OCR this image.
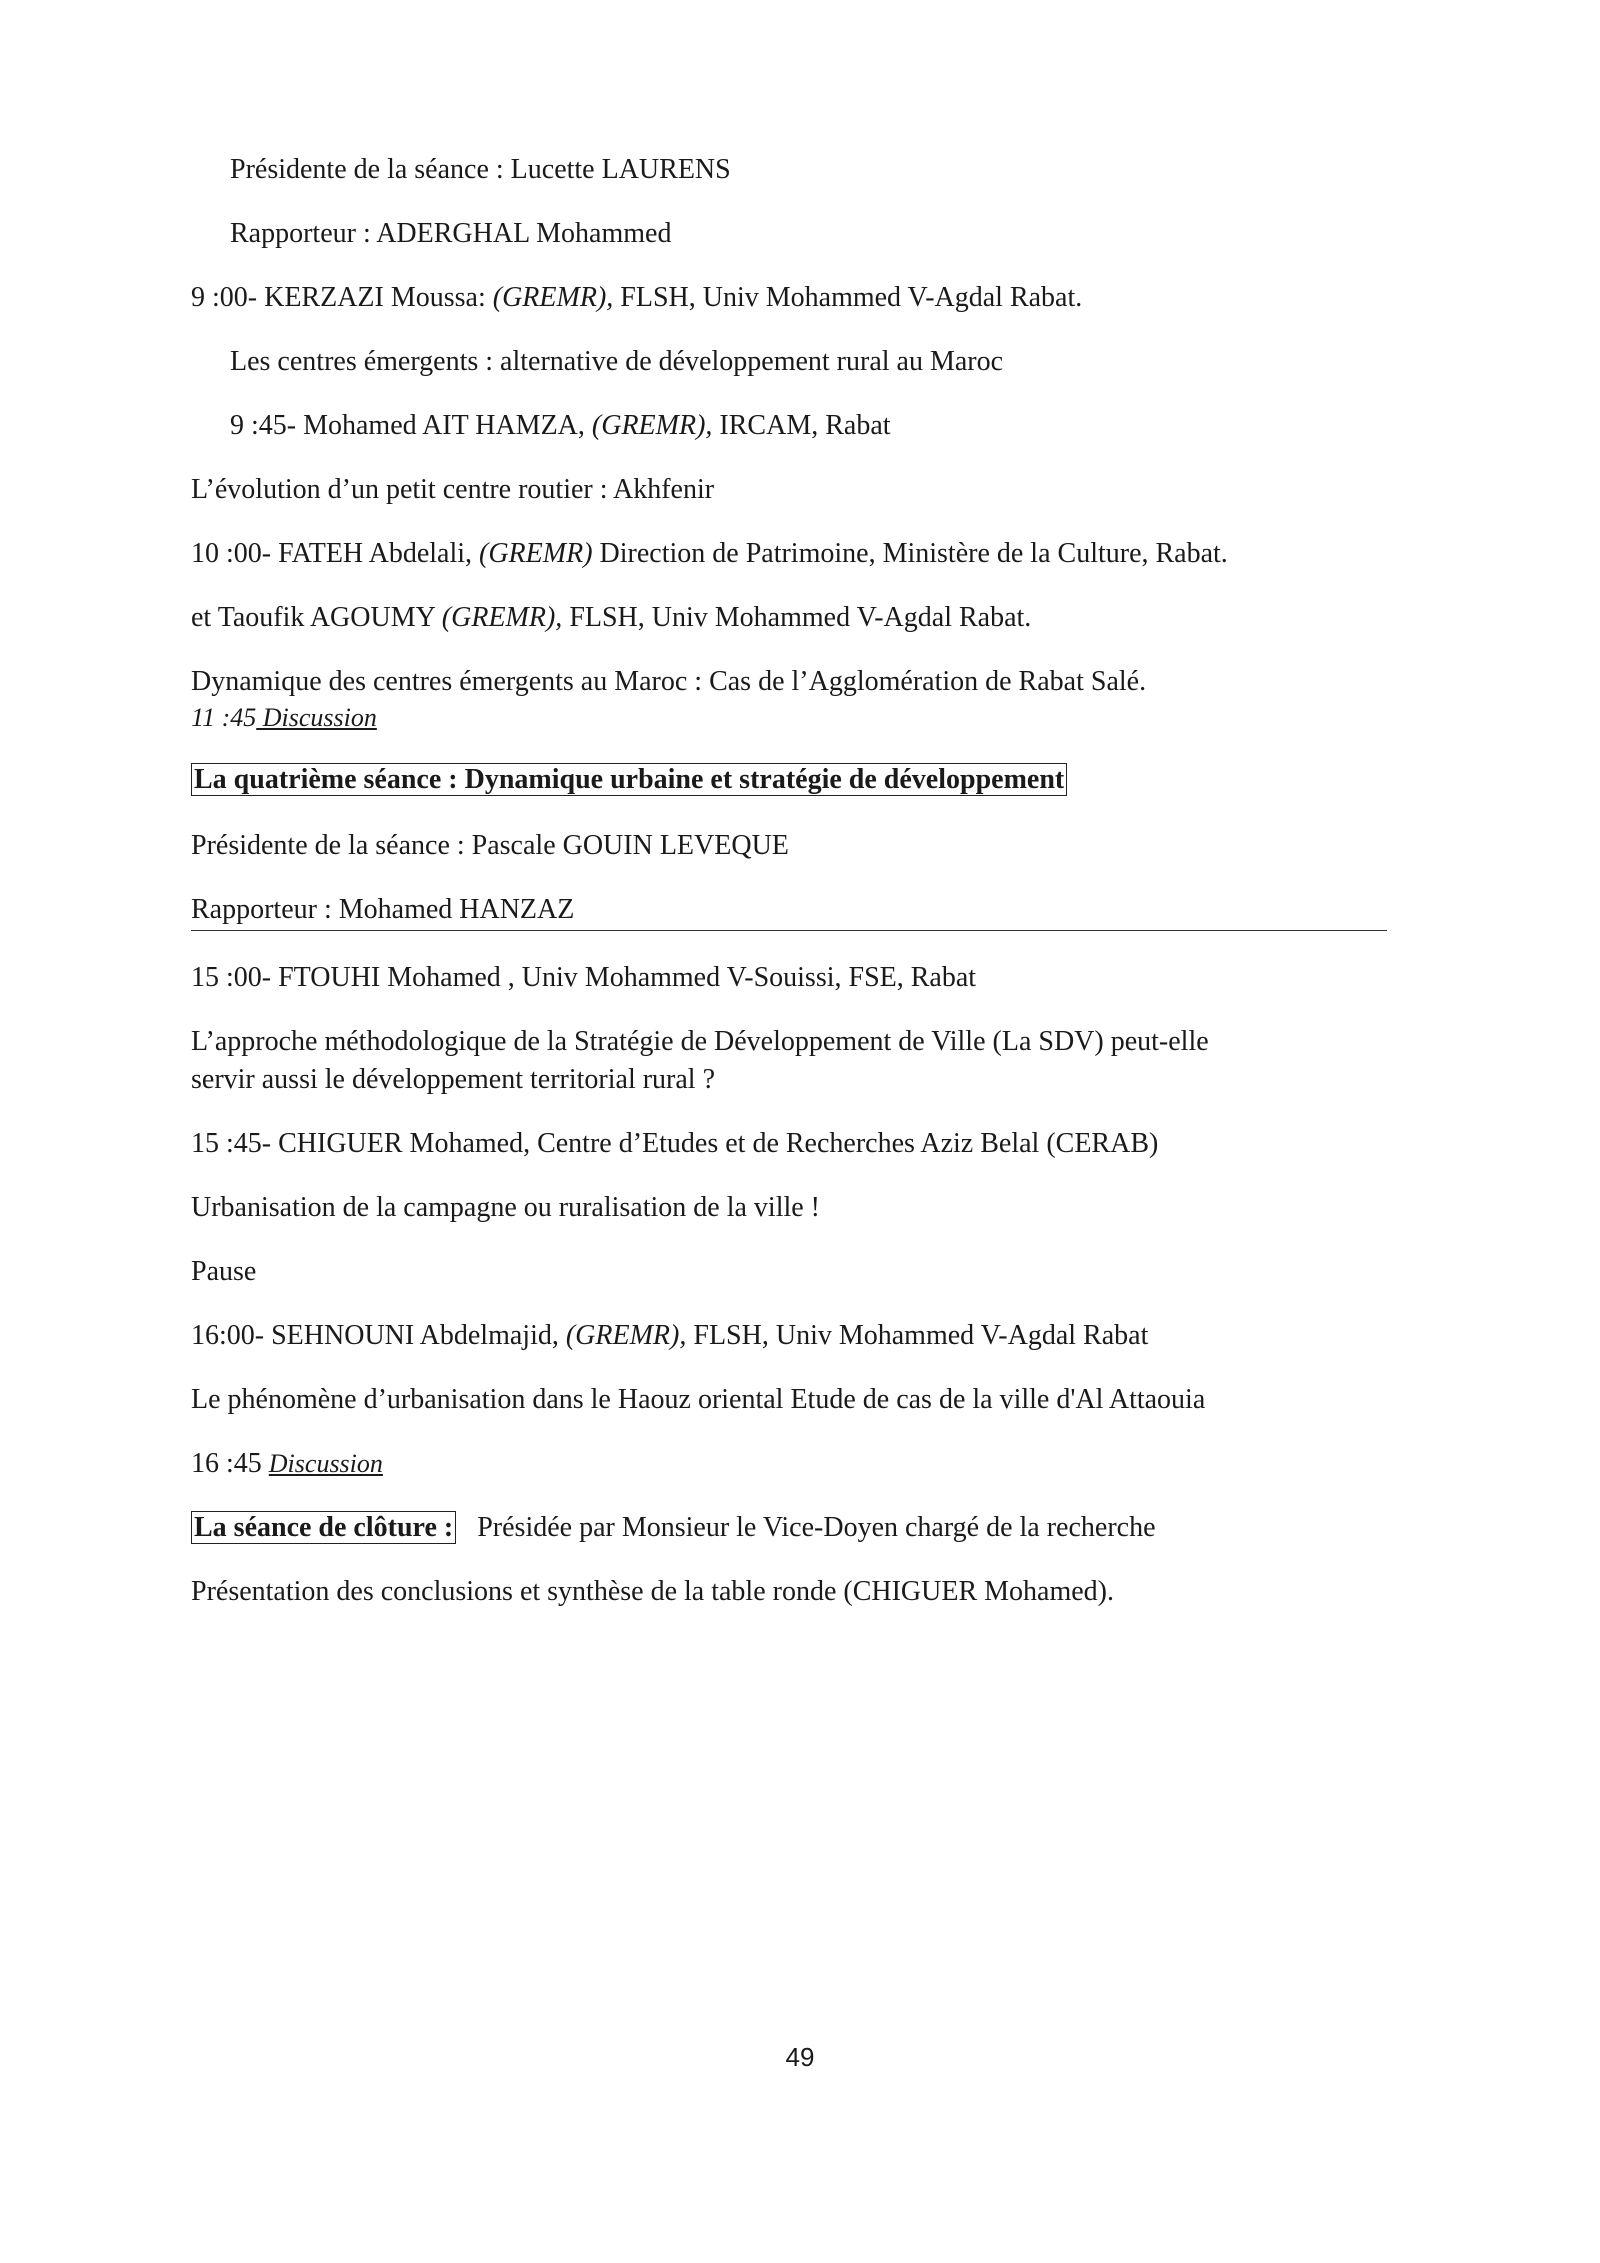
Présidente de la séance : Lucette LAURENS
Rapporteur : ADERGHAL Mohammed
9 :00- KERZAZI Moussa: (GREMR), FLSH, Univ Mohammed V-Agdal Rabat.
Les centres émergents : alternative de développement rural au Maroc
9 :45- Mohamed AIT HAMZA, (GREMR), IRCAM, Rabat
L’évolution d’un petit centre routier : Akhfenir
10 :00- FATEH Abdelali, (GREMR) Direction de Patrimoine, Ministère de la Culture, Rabat.
et Taoufik AGOUMY (GREMR), FLSH, Univ Mohammed V-Agdal Rabat.
Dynamique des centres émergents au Maroc : Cas de l’Agglomération de Rabat Salé.
11 :45 Discussion
La quatrième séance : Dynamique urbaine et stratégie de développement
Présidente de la séance : Pascale GOUIN LEVEQUE
Rapporteur : Mohamed HANZAZ
15 :00- FTOUHI Mohamed , Univ Mohammed V-Souissi, FSE, Rabat
L’approche méthodologique de la Stratégie de Développement de Ville (La SDV) peut-elle
servir aussi le développement territorial rural ?
15 :45- CHIGUER Mohamed, Centre d’Etudes et de Recherches Aziz Belal (CERAB)
Urbanisation de la campagne ou ruralisation de la ville !
Pause
16:00- SEHNOUNI Abdelmajid, (GREMR), FLSH, Univ Mohammed V-Agdal Rabat
Le phénomène d’urbanisation dans le Haouz oriental Etude de cas de la ville d'Al Attaouia
16 :45 Discussion
La séance de clôture :   Présidée par Monsieur le Vice-Doyen chargé de la recherche
Présentation des conclusions et synthèse de la table ronde (CHIGUER Mohamed).
49
